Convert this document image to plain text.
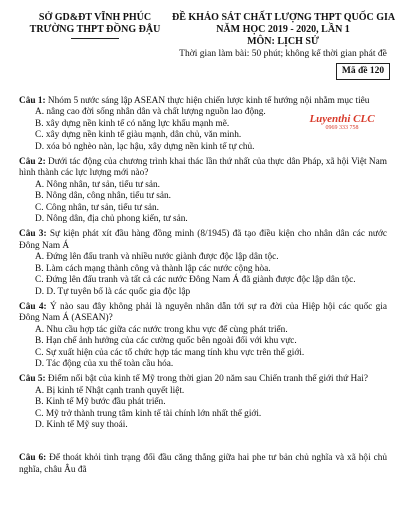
SỞ GD&ĐT VĨNH PHÚC
TRƯỜNG THPT ĐỒNG ĐẬU
ĐỀ KHẢO SÁT CHẤT LƯỢNG THPT QUỐC GIA
NĂM HỌC 2019 - 2020, LẦN 1
MÔN: LỊCH SỬ
Thời gian làm bài: 50 phút; không kể thời gian phát đề
Mã đề 120
Luyenthi CLC
0969 333 758
Câu 1: Nhóm 5 nước sáng lập ASEAN thực hiện chiến lược kinh tế hướng nội nhằm mục tiêu
A. nâng cao đời sống nhân dân và chất lượng nguồn lao động.
B. xây dựng nền kinh tế có năng lực khẩu mạnh mẽ.
C. xây dựng nền kinh tế giàu mạnh, dân chủ, văn minh.
D. xóa bỏ nghèo nàn, lạc hậu, xây dựng nền kinh tế tự chủ.
Câu 2: Dưới tác động của chương trình khai thác lần thứ nhất của thực dân Pháp, xã hội Việt Nam hình thành các lực lượng mới nào?
A. Nông nhân, tư sản, tiểu tư sản.
B. Nông dân, công nhân, tiểu tư sản.
C. Công nhân, tư sản, tiểu tư sản.
D. Nông dân, địa chủ phong kiến, tư sản.
Câu 3: Sự kiện phát xít đầu hàng đồng minh (8/1945) đã tạo điều kiện cho nhân dân các nước Đông Nam Á
A. Đứng lên đấu tranh và nhiều nước giành được độc lập dân tộc.
B. Làm cách mạng thành công và thành lập các nước cộng hòa.
C. Đứng lên đấu tranh và tất cả các nước Đông Nam Á đã giành được độc lập dân tộc.
D. D. Tự tuyên bố là các quốc gia độc lập
Câu 4: Ý nào sau đây không phải là nguyên nhân dẫn tới sự ra đời của Hiệp hội các quốc gia Đông Nam Á (ASEAN)?
A. Nhu cầu hợp tác giữa các nước trong khu vực để cùng phát triển.
B. Hạn chế ảnh hưởng của các cường quốc bên ngoài đối với khu vực.
C. Sự xuất hiện của các tổ chức hợp tác mang tính khu vực trên thế giới.
D. Tác động của xu thế toàn cầu hóa.
Câu 5: Điểm nổi bật của kinh tế Mỹ trong thời gian 20 năm sau Chiến tranh thế giới thứ Hai?
A. Bị kinh tế Nhật cạnh tranh quyết liệt.
B. Kinh tế Mỹ bước đầu phát triển.
C. Mỹ trở thành trung tâm kinh tế tài chính lớn nhất thế giới.
D. Kinh tế Mỹ suy thoái.
Câu 6: Để thoát khỏi tình trạng đối đầu căng thẳng giữa hai phe tư bản chủ nghĩa và xã hội chủ nghĩa, châu Âu đã
